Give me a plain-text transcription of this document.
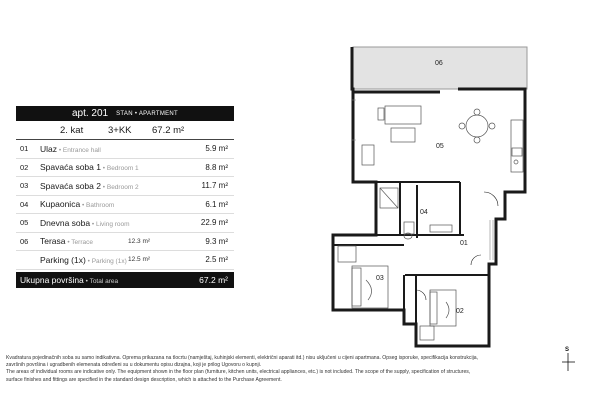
06
05
04
01
03
02
S
apt. 201 STAN • APARTMENT
2. kat	3+KK	67.2 m²
01	Ulaz • Entrance hall	5.9 m²
02	Spavaća soba 1 • Bedroom 1	8.8 m²
03	Spavaća soba 2 • Bedroom 2	11.7 m²
04	Kupaonica • Bathroom	6.1 m²
05	Dnevna soba • Living room	22.9 m²
06	Terasa • Terrace	12.3 m²	9.3 m²
Parking (1x) • Parking (1x) 12.5 m²	2.5 m²
Ukupna površina • Total area	67.2 m²

Kvadratura pojedinačnih soba su samo indikativna. Oprema prikazana na tlocrtu (namještaj, kuhinjski elementi, električni aparati itd.) nisu uključeni u cijeni apartmana. Opseg isporuke, specifikacija konstrukcija, završnih površina i ugradbenih elemenata određeni su u dokumentu opisu dizajna, koji je prilog Ugovoru o kupnji.

The areas of individual rooms are indicative only. The equipment shown in the floor plan (furniture, kitchen units, electrical appliances, etc.) is not included. The scope of the supply, specification of structures, surface finishes and fittings are specified in the standard design description, which is attached to the Purchase Agreement.
